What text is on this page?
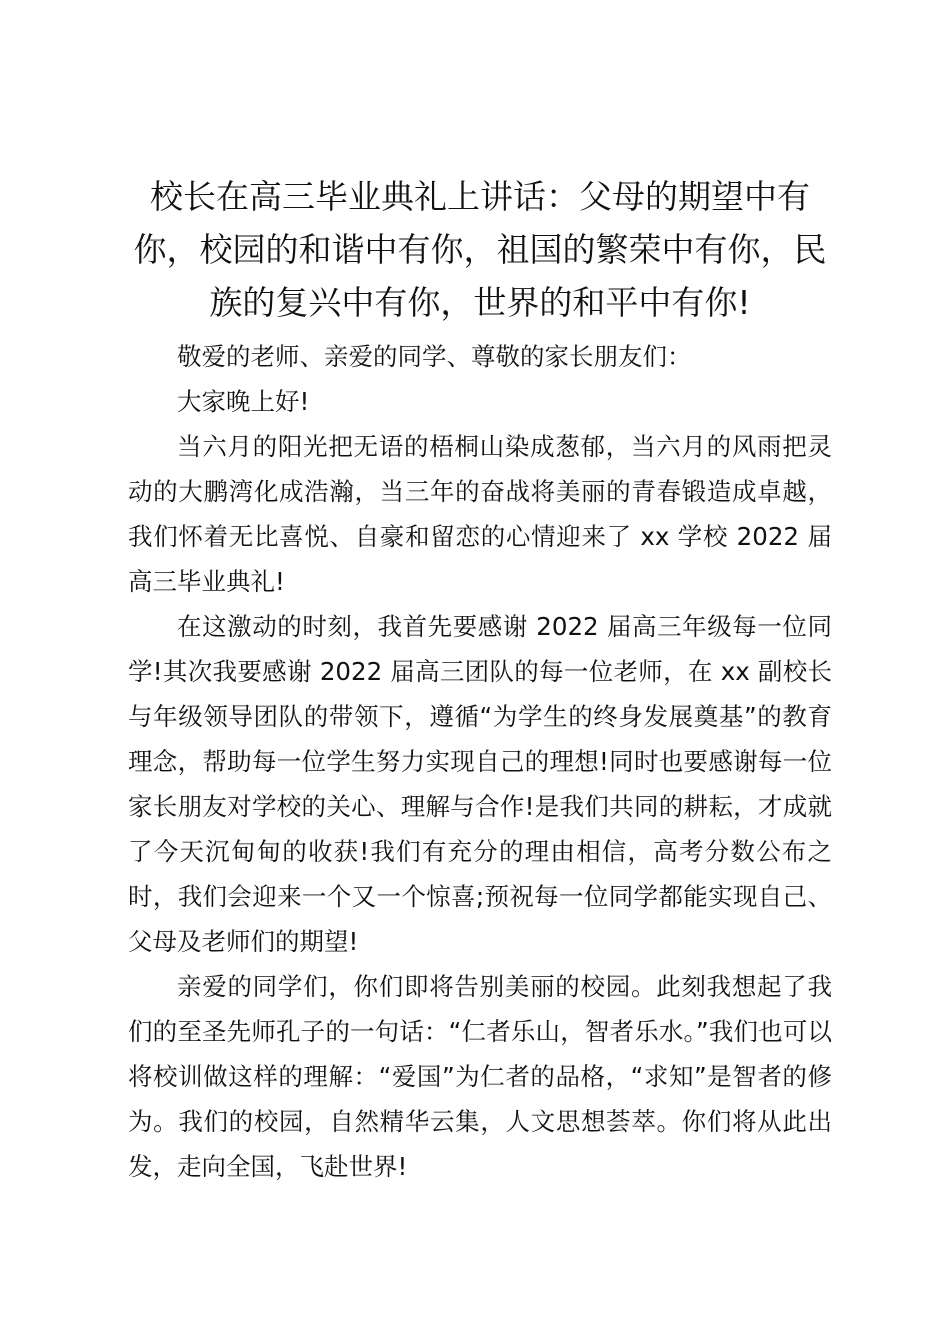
校长在高三毕业典礼上讲话：父母的期望中有你，校园的和谐中有你，祖国的繁荣中有你，民族的复兴中有你，世界的和平中有你!

敬爱的老师、亲爱的同学、尊敬的家长朋友们：

大家晚上好!

当六月的阳光把无语的梧桐山染成葱郁，当六月的风雨把灵动的大鹏湾化成浩瀚，当三年的奋战将美丽的青春锻造成卓越，我们怀着无比喜悦、自豪和留恋的心情迎来了 xx 学校 2022 届高三毕业典礼!

在这激动的时刻，我首先要感谢 2022 届高三年级每一位同学!其次我要感谢 2022 届高三团队的每一位老师，在 xx 副校长与年级领导团队的带领下，遵循“为学生的终身发展奠基”的教育理念，帮助每一位学生努力实现自己的理想!同时也要感谢每一位家长朋友对学校的关心、理解与合作!是我们共同的耕耘，才成就了今天沉甸甸的收获!我们有充分的理由相信，高考分数公布之时，我们会迎来一个又一个惊喜;预祝每一位同学都能实现自己、父母及老师们的期望!

亲爱的同学们，你们即将告别美丽的校园。此刻我想起了我们的至圣先师孔子的一句话：“仁者乐山，智者乐水。”我们也可以将校训做这样的理解：“爱国”为仁者的品格，“求知”是智者的修为。我们的校园，自然精华云集，人文思想荟萃。你们将从此出发，走向全国，飞赴世界!
